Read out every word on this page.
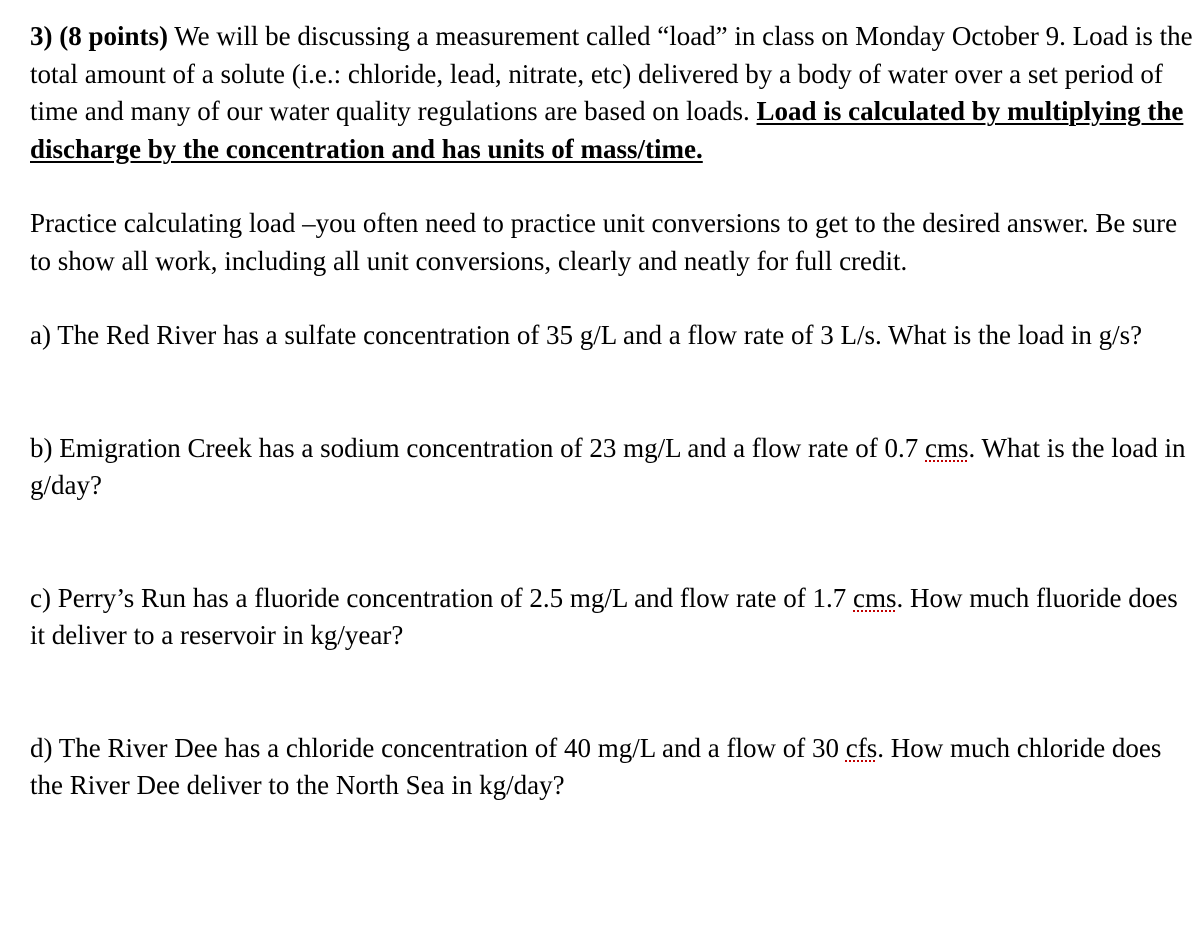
3) (8 points) We will be discussing a measurement called “load” in class on Monday October 9. Load is the total amount of a solute (i.e.: chloride, lead, nitrate, etc) delivered by a body of water over a set period of time and many of our water quality regulations are based on loads. Load is calculated by multiplying the discharge by the concentration and has units of mass/time.

Practice calculating load –you often need to practice unit conversions to get to the desired answer. Be sure to show all work, including all unit conversions, clearly and neatly for full credit.

a) The Red River has a sulfate concentration of 35 g/L and a flow rate of 3 L/s. What is the load in g/s?

b) Emigration Creek has a sodium concentration of 23 mg/L and a flow rate of 0.7 cms. What is the load in g/day?

c) Perry’s Run has a fluoride concentration of 2.5 mg/L and flow rate of 1.7 cms. How much fluoride does it deliver to a reservoir in kg/year?

d) The River Dee has a chloride concentration of 40 mg/L and a flow of 30 cfs. How much chloride does the River Dee deliver to the North Sea in kg/day?
